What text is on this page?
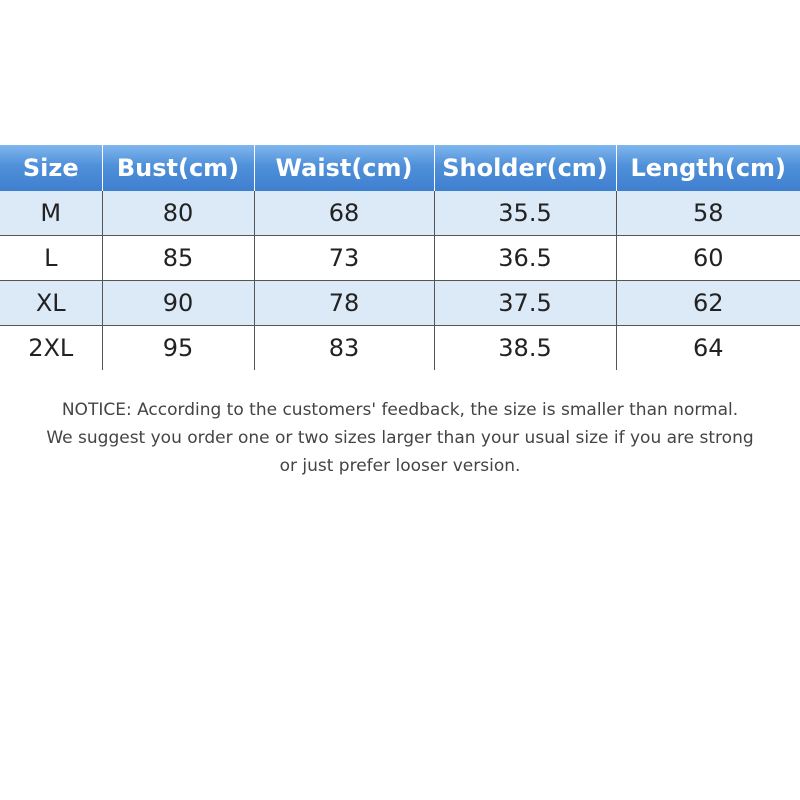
Size	Bust(cm)	Waist(cm)	Sholder(cm)	Length(cm)
M	80	68	35.5	58
L	85	73	36.5	60
XL	90	78	37.5	62
2XL	95	83	38.5	64

NOTICE: According to the customers' feedback, the size is smaller than normal.
We suggest you order one or two sizes larger than your usual size if you are strong
or just prefer looser version.
